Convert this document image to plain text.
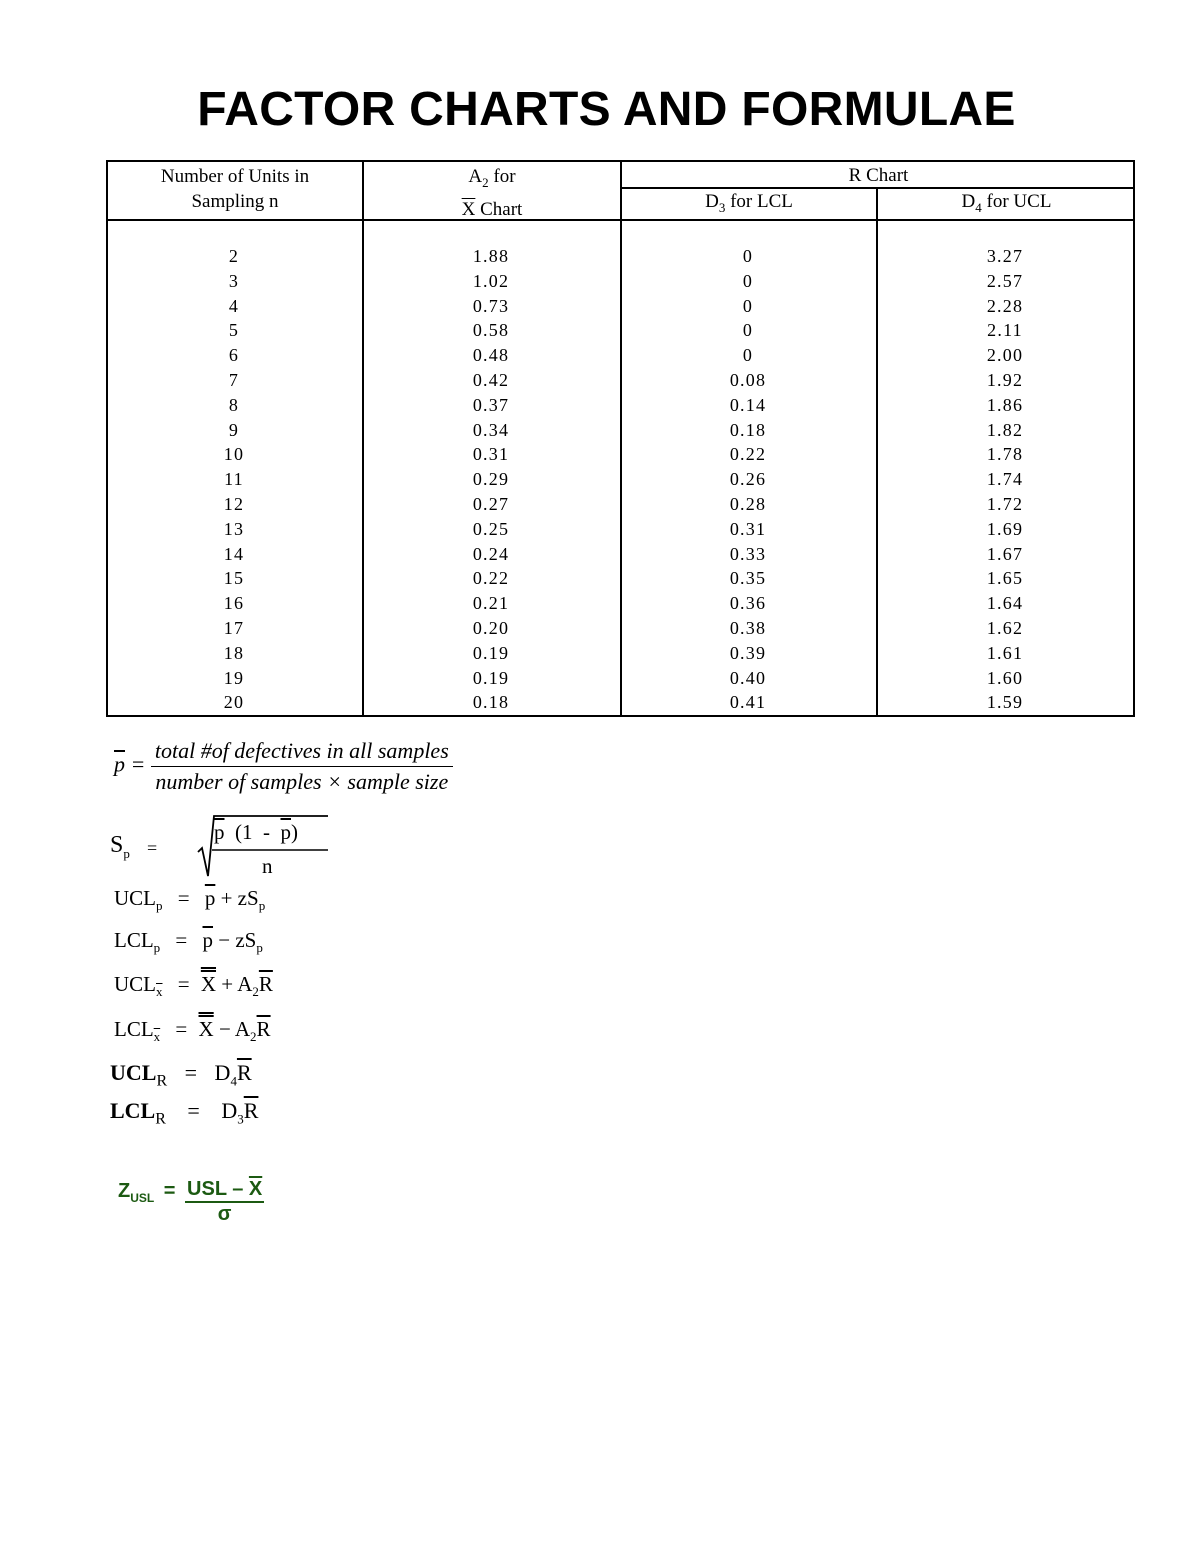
FACTOR CHARTS AND FORMULAE
Number of Units in
Sampling n
$A_2$ for
$\overline{X}$ Chart
R Chart
$D_3$ for LCL	$D_4$ for UCL
2
3
4
5
6
7
8
9
10
11
12
13
14
15
16
17
18
19
20
1.88
1.02
0.73
0.58
0.48
0.42
0.37
0.34
0.31
0.29
0.27
0.25
0.24
0.22
0.21
0.20
0.19
0.19
0.18
0
0
0
0
0
0.08
0.14
0.18
0.22
0.26
0.28
0.31
0.33
0.35
0.36
0.38
0.39
0.40
0.41
3.27
2.57
2.28
2.11
2.00
1.92
1.86
1.82
1.78
1.74
1.72
1.69
1.67
1.65
1.64
1.62
1.61
1.60
1.59
$\overline{p} = \frac{\text{total \#of defectives in all samples}}{\text{number of samples × sample size}}$
$S_p$ =
$\overline{p}$  $(1 - \overline{p})$
n
$UCL_p = \overline{p} + zS_p$
$LCL_p = \overline{p} - zS_p$
$UCL_{\overline{x}} = X + A_2\overline{R}$
$LCL_{\overline{x}} = X - A_2\overline{R}$
$UCL_R = D_4\overline{R}$
$LCL_R = D_3\overline{R}$
$Z_{USL} = \frac{USL - \overline{X}}{\sigma}$
